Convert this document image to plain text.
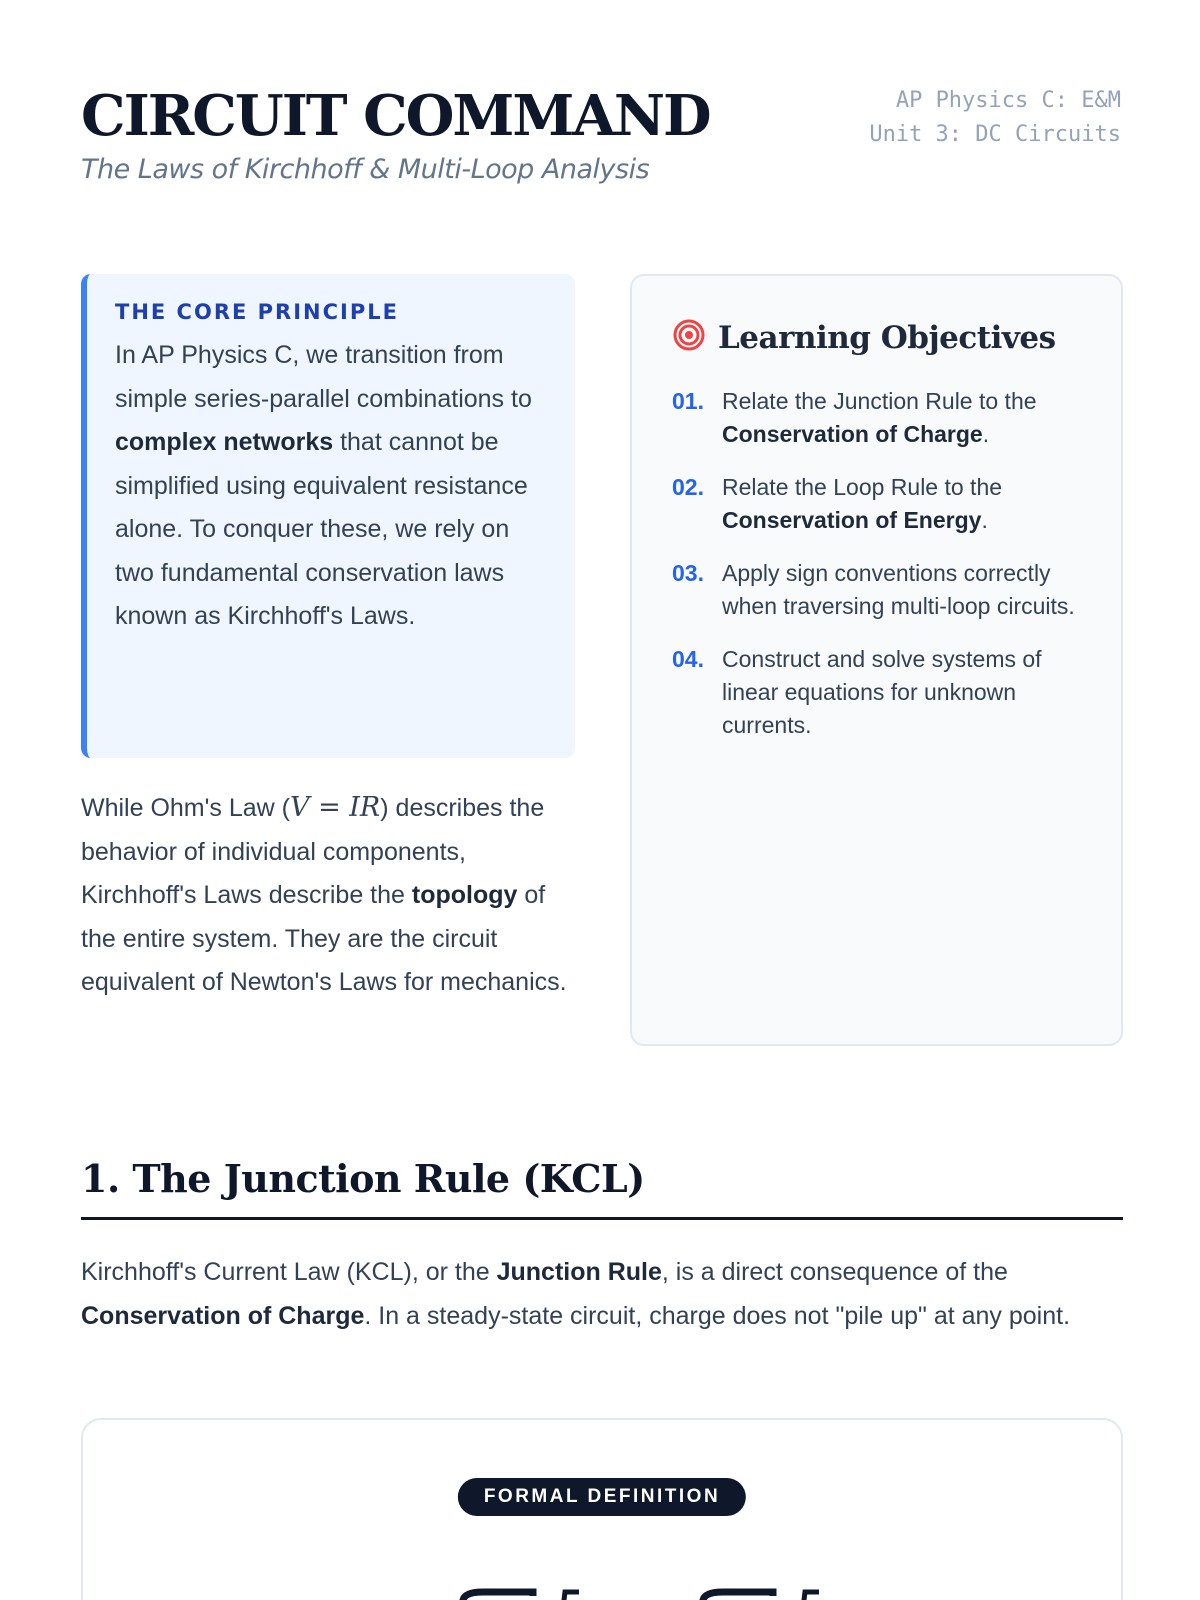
CIRCUIT COMMAND
The Laws of Kirchhoff & Multi-Loop Analysis
AP Physics C: E&M
Unit 3: DC Circuits
THE CORE PRINCIPLE

In AP Physics C, we transition from simple series-parallel combinations to complex networks that cannot be simplified using equivalent resistance alone. To conquer these, we rely on two fundamental conservation laws known as Kirchhoff's Laws.

While Ohm's Law (V = IR) describes the behavior of individual components, Kirchhoff's Laws describe the topology of the entire system. They are the circuit equivalent of Newton's Laws for mechanics.

Learning Objectives
01. Relate the Junction Rule to the Conservation of Charge.
02. Relate the Loop Rule to the Conservation of Energy.
03. Apply sign conventions correctly when traversing multi-loop circuits.
04. Construct and solve systems of linear equations for unknown currents.
1. The Junction Rule (KCL)

Kirchhoff's Current Law (KCL), or the Junction Rule, is a direct consequence of the Conservation of Charge. In a steady-state circuit, charge does not "pile up" at any point.

FORMAL DEFINITION
